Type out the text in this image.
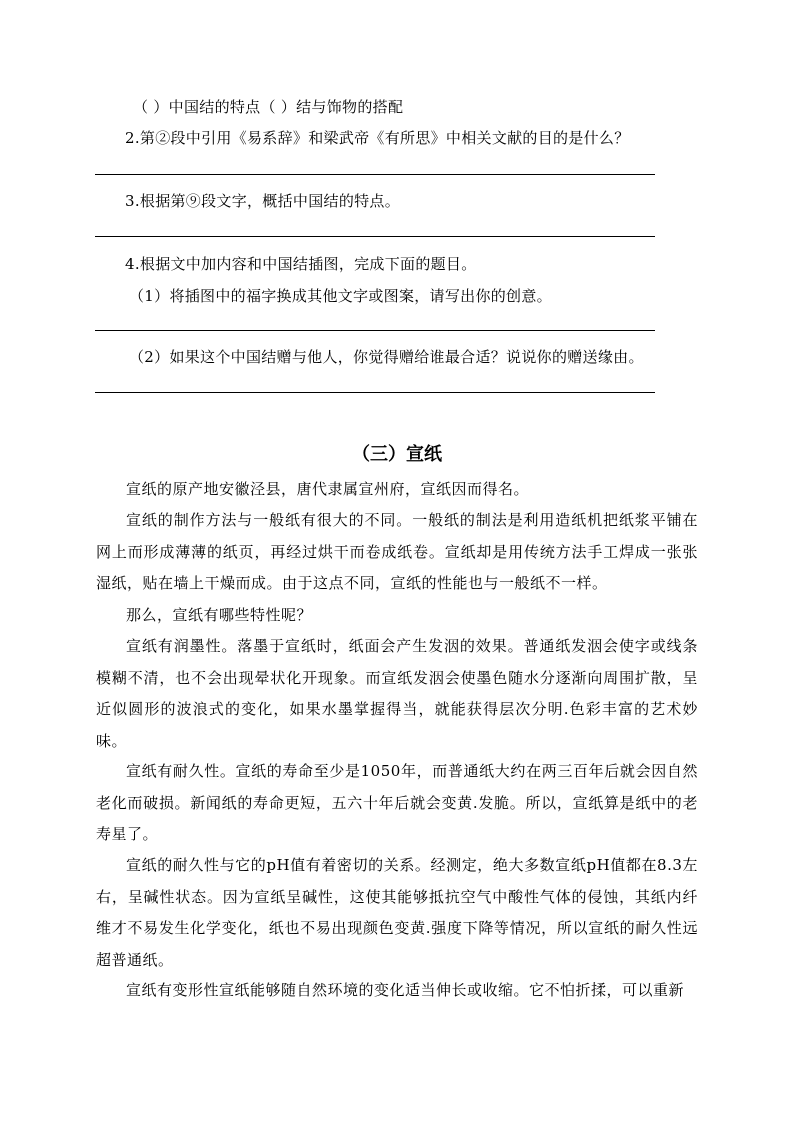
（ ）中国结的特点（ ）结与饰物的搭配
2.第②段中引用《易系辞》和梁武帝《有所思》中相关文献的目的是什么？
3.根据第⑨段文字，概括中国结的特点。
4.根据文中加内容和中国结插图，完成下面的题目。
（1）将插图中的福字换成其他文字或图案，请写出你的创意。
（2）如果这个中国结赠与他人，你觉得赠给谁最合适？说说你的赠送缘由。
（三）宣纸
宣纸的原产地安徽泾县，唐代隶属宣州府，宣纸因而得名。
宣纸的制作方法与一般纸有很大的不同。一般纸的制法是利用造纸机把纸浆平铺在网上而形成薄薄的纸页，再经过烘干而卷成纸卷。宣纸却是用传统方法手工焊成一张张湿纸，贴在墙上干燥而成。由于这点不同，宣纸的性能也与一般纸不一样。
那么，宣纸有哪些特性呢？
宣纸有润墨性。落墨于宣纸时，纸面会产生发洇的效果。普通纸发洇会使字或线条模糊不清，也不会出现晕状化开现象。而宣纸发洇会使墨色随水分逐渐向周围扩散，呈近似圆形的波浪式的变化，如果水墨掌握得当，就能获得层次分明.色彩丰富的艺术妙味。
宣纸有耐久性。宣纸的寿命至少是1050年，而普通纸大约在两三百年后就会因自然老化而破损。新闻纸的寿命更短，五六十年后就会变黄.发脆。所以，宣纸算是纸中的老寿星了。
宣纸的耐久性与它的pH值有着密切的关系。经测定，绝大多数宣纸pH值都在8.3左右，呈碱性状态。因为宣纸呈碱性，这使其能够抵抗空气中酸性气体的侵蚀，其纸内纤维才不易发生化学变化，纸也不易出现颜色变黄.强度下降等情况，所以宣纸的耐久性远超普通纸。
宣纸有变形性宣纸能够随自然环境的变化适当伸长或收缩。它不怕折揉，可以重新
